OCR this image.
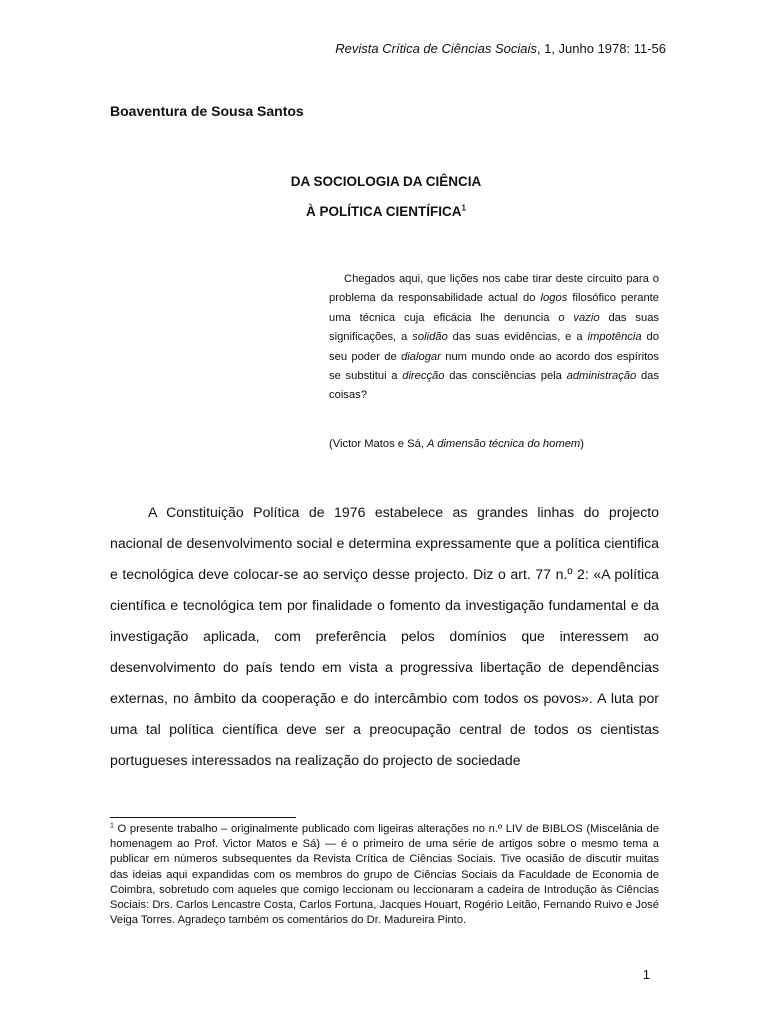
Revista Crítica de Ciências Sociais, 1, Junho 1978: 11-56
Boaventura de Sousa Santos
DA SOCIOLOGIA DA CIÊNCIA
À POLÍTICA CIENTÍFICA$^1$
Chegados aqui, que lições nos cabe tirar deste circuito para o problema da responsabilidade actual do logos filosófico perante uma técnica cuja eficácia lhe denuncia o vazio das suas significações, a solidão das suas evidências, e a impotência do seu poder de dialogar num mundo onde ao acordo dos espíritos se substitui a direcção das consciências pela administração das coisas?
(Victor Matos e Sá, A dimensão técnica do homem)
A Constituição Política de 1976 estabelece as grandes linhas do projecto nacional de desenvolvimento social e determina expressamente que a política cientifica e tecnológica deve colocar-se ao serviço desse projecto. Diz o art. 77 n.º 2: «A política científica e tecnológica tem por finalidade o fomento da investigação fundamental e da investigação aplicada, com preferência pelos domínios que interessem ao desenvolvimento do país tendo em vista a progressiva libertação de dependências externas, no âmbito da cooperação e do intercâmbio com todos os povos». A luta por uma tal política científica deve ser a preocupação central de todos os cientistas portugueses interessados na realização do projecto de sociedade
$^1$ O presente trabalho – originalmente publicado com ligeiras alterações no n.º LIV de BIBLOS (Miscelânia de homenagem ao Prof. Victor Matos e Sá) — é o primeiro de uma série de artigos sobre o mesmo tema a publicar em números subsequentes da Revista Crítica de Ciências Sociais. Tive ocasião de discutir muitas das ideias aqui expandidas com os membros do grupo de Ciências Sociais da Faculdade de Economia de Coimbra, sobretudo com aqueles que comigo leccionam ou leccionaram a cadeira de Introdução às Ciências Sociais: Drs. Carlos Lencastre Costa, Carlos Fortuna, Jacques Houart, Rogério Leitão, Fernando Ruivo e José Veiga Torres. Agradeço também os comentários do Dr. Madureira Pinto.
1
